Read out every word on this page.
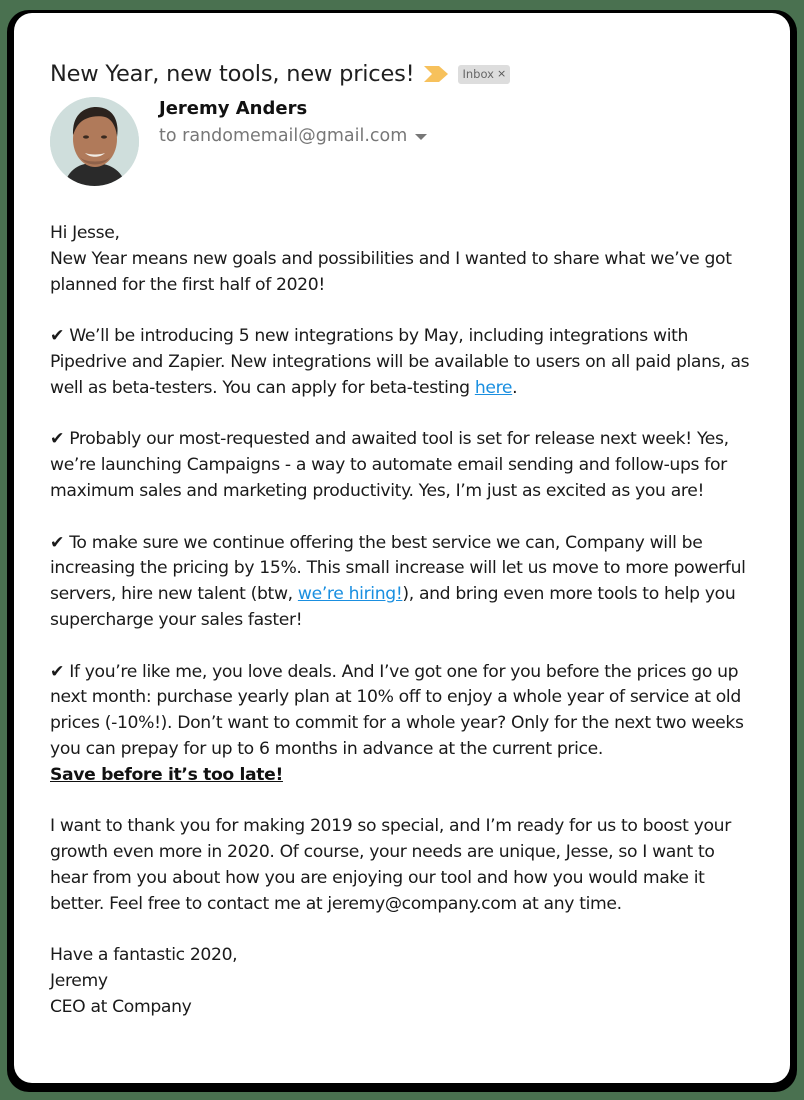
New Year, new tools, new prices!	Inbox ×
Jeremy Anders
to randomemail@gmail.com

Hi Jesse,

New Year means new goals and possibilities and I wanted to share what we’ve got planned for the first half of 2020!

✔ We’ll be introducing 5 new integrations by May, including integrations with Pipedrive and Zapier. New integrations will be available to users on all paid plans, as well as beta-testers. You can apply for beta-testing here.

✔ Probably our most-requested and awaited tool is set for release next week! Yes, we’re launching Campaigns - a way to automate email sending and follow-ups for maximum sales and marketing productivity. Yes, I’m just as excited as you are!

✔ To make sure we continue offering the best service we can, Company will be increasing the pricing by 15%. This small increase will let us move to more powerful servers, hire new talent (btw, we’re hiring!), and bring even more tools to help you supercharge your sales faster!

✔ If you’re like me, you love deals. And I’ve got one for you before the prices go up next month: purchase yearly plan at 10% off to enjoy a whole year of service at old prices (-10%!). Don’t want to commit for a whole year? Only for the next two weeks you can prepay for up to 6 months in advance at the current price.
Save before it’s too late!

I want to thank you for making 2019 so special, and I’m ready for us to boost your growth even more in 2020. Of course, your needs are unique, Jesse, so I want to hear from you about how you are enjoying our tool and how you would make it better. Feel free to contact me at jeremy@company.com at any time.

Have a fantastic 2020,

Jeremy

CEO at Company
